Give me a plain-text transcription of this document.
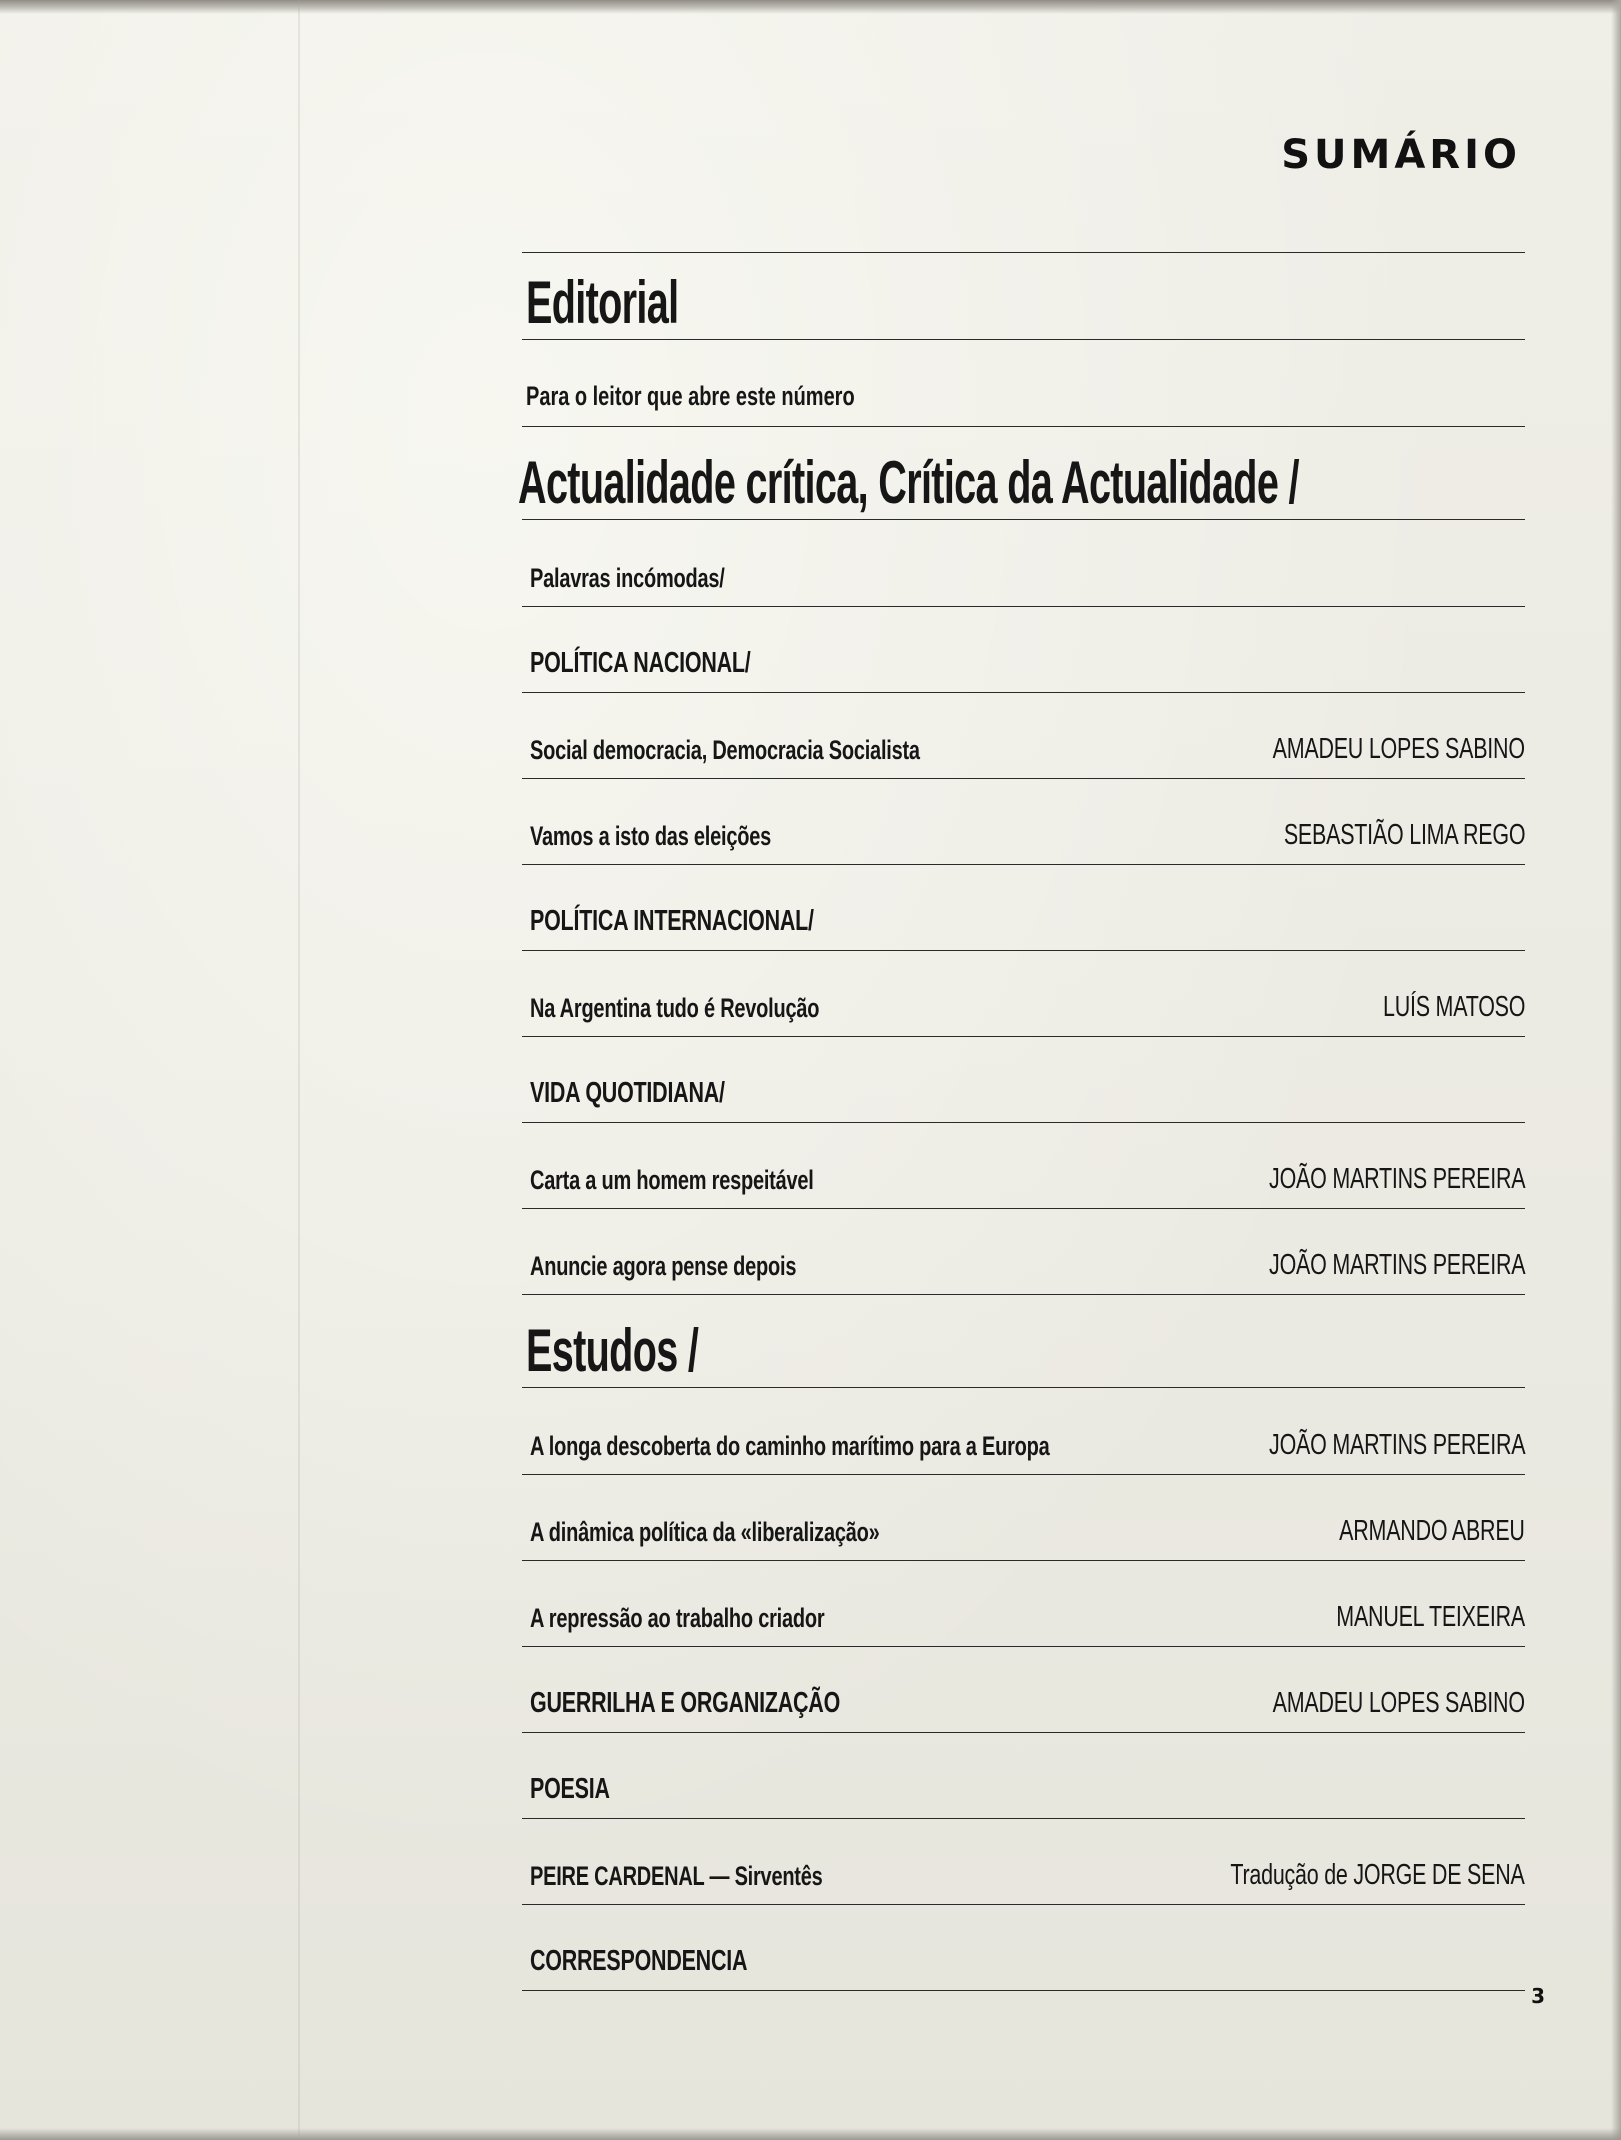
SUMÁRIO
Editorial
Para o leitor que abre este número
Actualidade crítica, Crítica da Actualidade /
Palavras incómodas/
POLÍTICA NACIONAL/
Social democracia, Democracia Socialista	AMADEU LOPES SABINO
Vamos a isto das eleições	SEBASTIÃO LIMA REGO
POLÍTICA INTERNACIONAL/
Na Argentina tudo é Revolução	LUÍS MATOSO
VIDA QUOTIDIANA/
Carta a um homem respeitável	JOÃO MARTINS PEREIRA
Anuncie agora pense depois	JOÃO MARTINS PEREIRA
Estudos /
A longa descoberta do caminho marítimo para a Europa	JOÃO MARTINS PEREIRA
A dinâmica política da «liberalização»	ARMANDO ABREU
A repressão ao trabalho criador	MANUEL TEIXEIRA
GUERRILHA E ORGANIZAÇÃO	AMADEU LOPES SABINO
POESIA
PEIRE CARDENAL — Sirventês	Tradução de JORGE DE SENA
CORRESPONDENCIA
3
